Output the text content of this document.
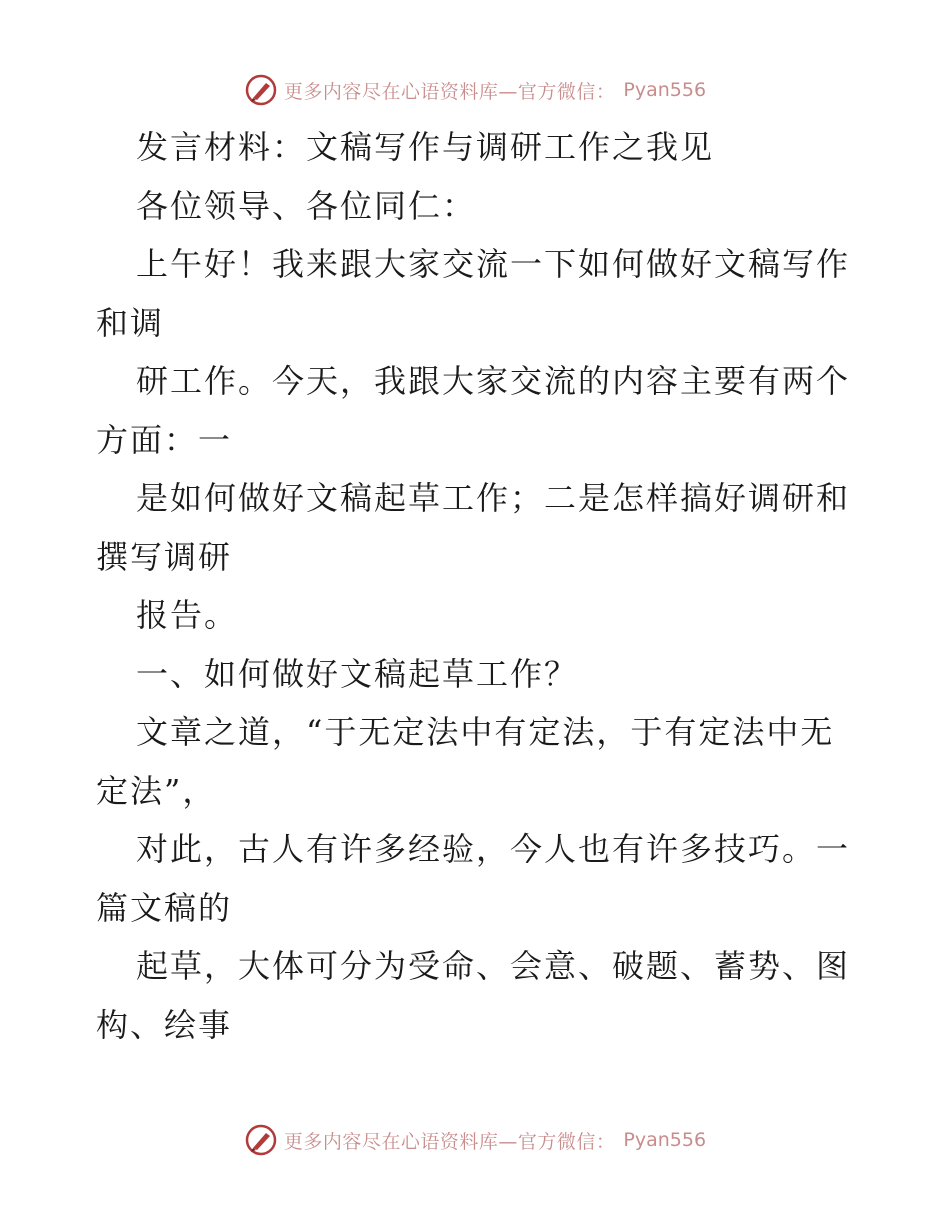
更多内容尽在心语资料库—官方微信： Pyan556
发言材料：文稿写作与调研工作之我见
各位领导、各位同仁：
上午好！我来跟大家交流一下如何做好文稿写作
和调
研工作。今天，我跟大家交流的内容主要有两个
方面：一
是如何做好文稿起草工作；二是怎样搞好调研和
撰写调研
报告。
一、如何做好文稿起草工作？
文章之道，“于无定法中有定法，于有定法中无
定法”，
对此，古人有许多经验，今人也有许多技巧。一
篇文稿的
起草，大体可分为受命、会意、破题、蓄势、图
构、绘事
更多内容尽在心语资料库—官方微信： Pyan556
